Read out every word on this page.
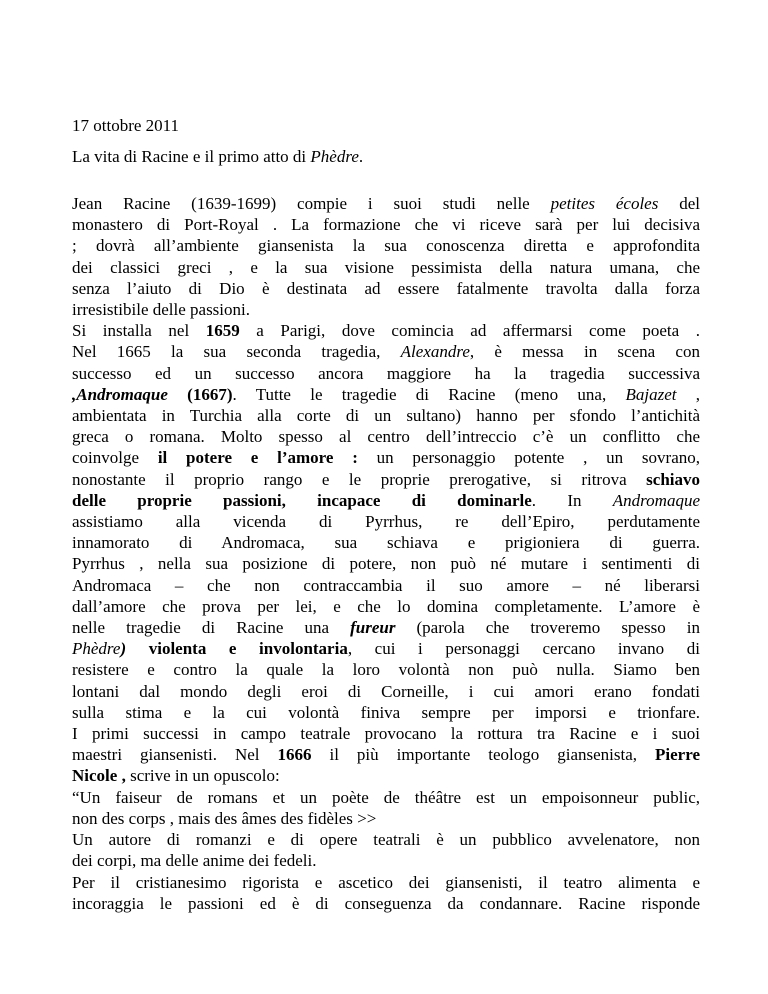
17 ottobre 2011
La vita di Racine e il primo atto di Phèdre.
Jean Racine (1639-1699) compie i suoi studi nelle petites écoles del
monastero di Port-Royal . La formazione che vi riceve sarà per lui decisiva
; dovrà all’ambiente giansenista la sua conoscenza diretta e approfondita
dei classici greci , e la sua visione pessimista della natura umana, che
senza l’aiuto di Dio è destinata ad essere fatalmente travolta dalla forza
irresistibile delle passioni.
Si installa nel 1659 a Parigi, dove comincia ad affermarsi come poeta .
Nel 1665 la sua seconda tragedia, Alexandre, è messa in scena con
successo ed un successo ancora maggiore ha la tragedia successiva
,Andromaque (1667). Tutte le tragedie di Racine (meno una, Bajazet ,
ambientata in Turchia alla corte di un sultano) hanno per sfondo l’antichità
greca o romana. Molto spesso al centro dell’intreccio c’è un conflitto che
coinvolge il potere e l’amore : un personaggio potente , un sovrano,
nonostante il proprio rango e le proprie prerogative, si ritrova schiavo
delle proprie passioni, incapace di dominarle. In Andromaque
assistiamo alla vicenda di Pyrrhus, re dell’Epiro, perdutamente
innamorato di Andromaca, sua schiava e prigioniera di guerra.
Pyrrhus , nella sua posizione di potere, non può né mutare i sentimenti di
Andromaca – che non contraccambia il suo amore – né liberarsi
dall’amore che prova per lei, e che lo domina completamente. L’amore è
nelle tragedie di Racine una fureur (parola che troveremo spesso in
Phèdre) violenta e involontaria, cui i personaggi cercano invano di
resistere e contro la quale la loro volontà non può nulla. Siamo ben
lontani dal mondo degli eroi di Corneille, i cui amori erano fondati
sulla stima e la cui volontà finiva sempre per imporsi e trionfare.
I primi successi in campo teatrale provocano la rottura tra Racine e i suoi
maestri giansenisti. Nel 1666 il più importante teologo giansenista, Pierre
Nicole , scrive in un opuscolo:
“Un faiseur de romans et un poète de théâtre est un empoisonneur public,
non des corps , mais des âmes des fidèles >>
Un autore di romanzi e di opere teatrali è un pubblico avvelenatore, non
dei corpi, ma delle anime dei fedeli.
Per il cristianesimo rigorista e ascetico dei giansenisti, il teatro alimenta e
incoraggia le passioni ed è di conseguenza da condannare. Racine risponde
